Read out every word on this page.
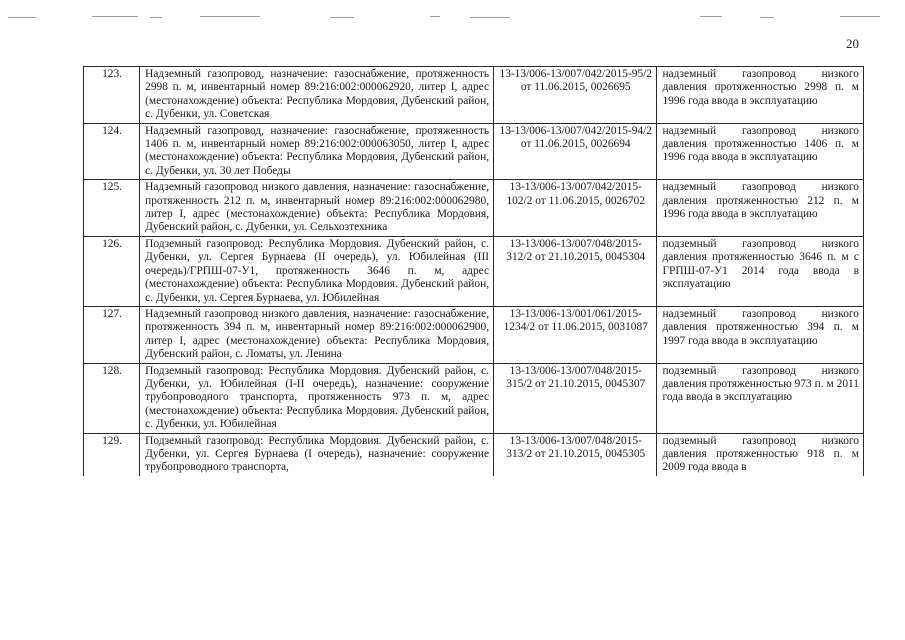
20
123.	Надземный газопровод, назначение: газоснабжение, протяженность 2998 п. м, инвентарный номер 89:216:002:000062920, литер I, адрес (местонахождение) объекта: Республика Мордовия, Дубенский район, с. Дубенки, ул. Советская	13-13/006-13/007/042/2015-95/2 от 11.06.2015, 0026695	надземный газопровод низкого давления протяженностью 2998 п. м 1996 года ввода в эксплуатацию
124.	Надземный газопровод, назначение: газоснабжение, протяженность 1406 п. м, инвентарный номер 89:216:002:000063050, литер I, адрес (местонахождение) объекта: Республика Мордовия, Дубенский район, с. Дубенки, ул. 30 лет Победы	13-13/006-13/007/042/2015-94/2 от 11.06.2015, 0026694	надземный газопровод низкого давления протяженностью 1406 п. м 1996 года ввода в эксплуатацию
125.	Надземный газопровод низкого давления, назначение: газоснабжение, протяженность 212 п. м, инвентарный номер 89:216:002:000062980, литер I, адрес (местонахождение) объекта: Республика Мордовия, Дубенский район, с. Дубенки, ул. Сельхозтехника	13-13/006-13/007/042/2015-102/2 от 11.06.2015, 0026702	надземный газопровод низкого давления протяженностью 212 п. м 1996 года ввода в эксплуатацию
126.	Подземный газопровод: Республика Мордовия. Дубенский район, с. Дубенки, ул. Сергея Бурнаева (II очередь), ул. Юбилейная (III очередь)/ГРПШ-07-У1, протяженность 3646 п. м, адрес (местонахождение) объекта: Республика Мордовия. Дубенский район, с. Дубенки, ул. Сергея Бурнаева, ул. Юбилейная	13-13/006-13/007/048/2015-312/2 от 21.10.2015, 0045304	подземный газопровод низкого давления протяженностью 3646 п. м с ГРПШ-07-У1 2014 года ввода в эксплуатацию
127.	Надземный газопровод низкого давления, назначение: газоснабжение, протяженность 394 п. м, инвентарный номер 89:216:002:000062900, литер I, адрес (местонахождение) объекта: Республика Мордовия, Дубенский район, с. Ломаты, ул. Ленина	13-13/006-13/001/061/2015-1234/2 от 11.06.2015, 0031087	надземный газопровод низкого давления протяженностью 394 п. м 1997 года ввода в эксплуатацию
128.	Подземный газопровод: Республика Мордовия. Дубенский район, с. Дубенки, ул. Юбилейная (I-II очередь), назначение: сооружение трубопроводного транспорта, протяженность 973 п. м, адрес (местонахождение) объекта: Республика Мордовия. Дубенский район, с. Дубенки, ул. Юбилейная	13-13/006-13/007/048/2015-315/2 от 21.10.2015, 0045307	подземный газопровод низкого давления протяженностью 973 п. м 2011 года ввода в эксплуатацию
129.	Подземный газопровод: Республика Мордовия. Дубенский район, с. Дубенки, ул. Сергея Бурнаева (I очередь), назначение: сооружение трубопроводного транспорта,	13-13/006-13/007/048/2015-313/2 от 21.10.2015, 0045305	подземный газопровод низкого давления протяженностью 918 п. м 2009 года ввода в
